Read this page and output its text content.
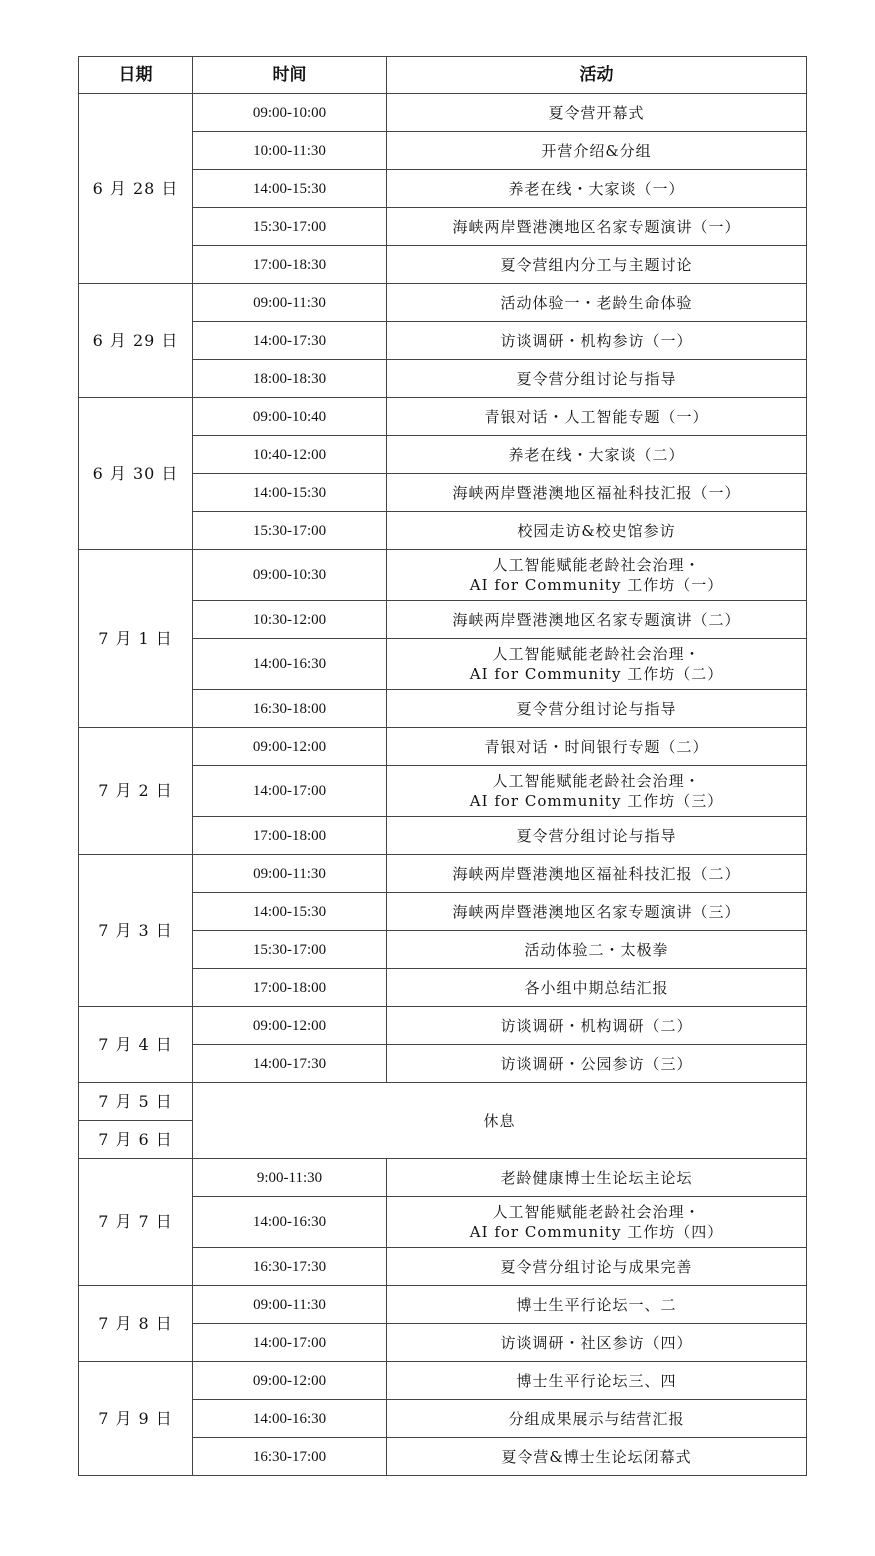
日期	时间	活动
6 月 28 日	09:00-10:00	夏令营开幕式

	10:00-11:30	开营介绍&分组

	14:00-15:30	养老在线・大家谈（一）

	15:30-17:00	海峡两岸暨港澳地区名家专题演讲（一）

	17:00-18:30	夏令营组内分工与主题讨论

6 月 29 日	09:00-11:30	活动体验一・老龄生命体验

	14:00-17:30	访谈调研・机构参访（一）

	18:00-18:30	夏令营分组讨论与指导

6 月 30 日	09:00-10:40	青银对话・人工智能专题（一）

	10:40-12:00	养老在线・大家谈（二）

	14:00-15:30	海峡两岸暨港澳地区福祉科技汇报（一）

	15:30-17:00	校园走访&校史馆参访

7 月 1 日	09:00-10:30	人工智能赋能老龄社会治理・
AI for Community 工作坊（一）

	10:30-12:00	海峡两岸暨港澳地区名家专题演讲（二）

	14:00-16:30	人工智能赋能老龄社会治理・
AI for Community 工作坊（二）

	16:30-18:00	夏令营分组讨论与指导

7 月 2 日	09:00-12:00	青银对话・时间银行专题（二）

	14:00-17:00	人工智能赋能老龄社会治理・
AI for Community 工作坊（三）

	17:00-18:00	夏令营分组讨论与指导

7 月 3 日	09:00-11:30	海峡两岸暨港澳地区福祉科技汇报（二）

	14:00-15:30	海峡两岸暨港澳地区名家专题演讲（三）

	15:30-17:00	活动体验二・太极拳

	17:00-18:00	各小组中期总结汇报

7 月 4 日	09:00-12:00	访谈调研・机构调研（二）

	14:00-17:30	访谈调研・公园参访（三）

7 月 5 日	休息	
7 月 6 日		
7 月 7 日	9:00-11:30	老龄健康博士生论坛主论坛

	14:00-16:30	人工智能赋能老龄社会治理・
AI for Community 工作坊（四）

	16:30-17:30	夏令营分组讨论与成果完善

7 月 8 日	09:00-11:30	博士生平行论坛一、二

	14:00-17:00	访谈调研・社区参访（四）

7 月 9 日	09:00-12:00	博士生平行论坛三、四

	14:00-16:30	分组成果展示与结营汇报

	16:30-17:00	夏令营&博士生论坛闭幕式
